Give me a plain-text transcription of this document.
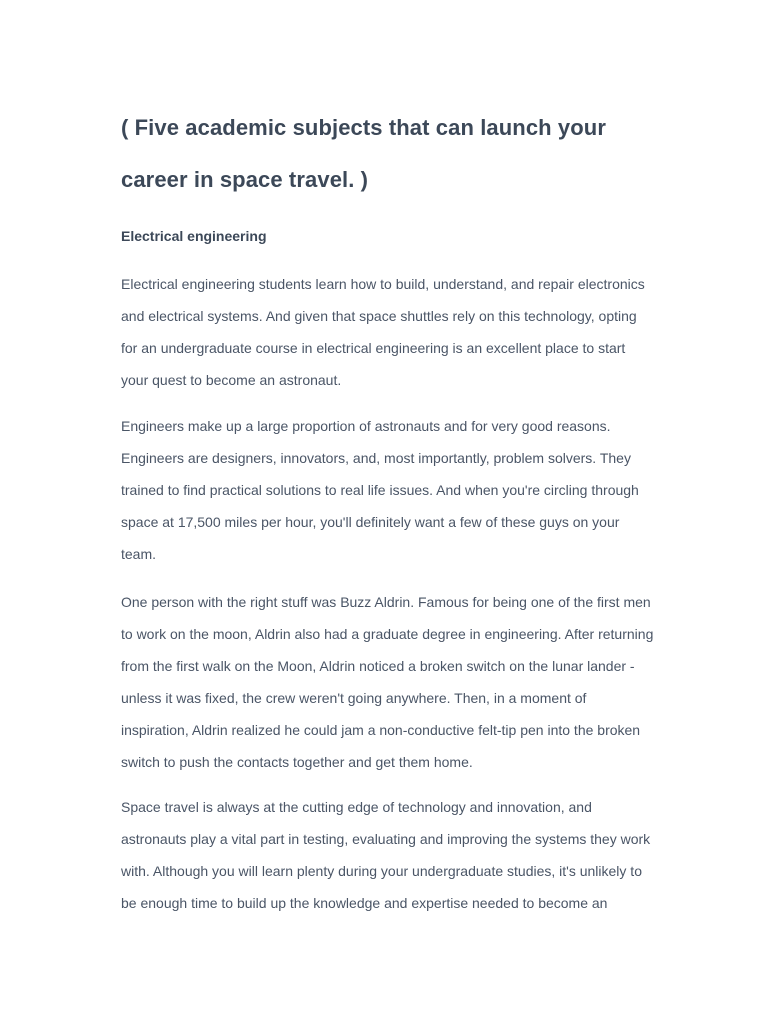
( Five academic subjects that can launch your career in space travel. )
Electrical engineering

Electrical engineering students learn how to build, understand, and repair electronics and electrical systems. And given that space shuttles rely on this technology, opting for an undergraduate course in electrical engineering is an excellent place to start your quest to become an astronaut.

Engineers make up a large proportion of astronauts and for very good reasons. Engineers are designers, innovators, and, most importantly, problem solvers. They trained to find practical solutions to real life issues. And when you're circling through space at 17,500 miles per hour, you'll definitely want a few of these guys on your team.

One person with the right stuff was Buzz Aldrin. Famous for being one of the first men to work on the moon, Aldrin also had a graduate degree in engineering. After returning from the first walk on the Moon, Aldrin noticed a broken switch on the lunar lander - unless it was fixed, the crew weren't going anywhere. Then, in a moment of inspiration, Aldrin realized he could jam a non-conductive felt-tip pen into the broken switch to push the contacts together and get them home.

Space travel is always at the cutting edge of technology and innovation, and astronauts play a vital part in testing, evaluating and improving the systems they work with. Although you will learn plenty during your undergraduate studies, it's unlikely to be enough time to build up the knowledge and expertise needed to become an
